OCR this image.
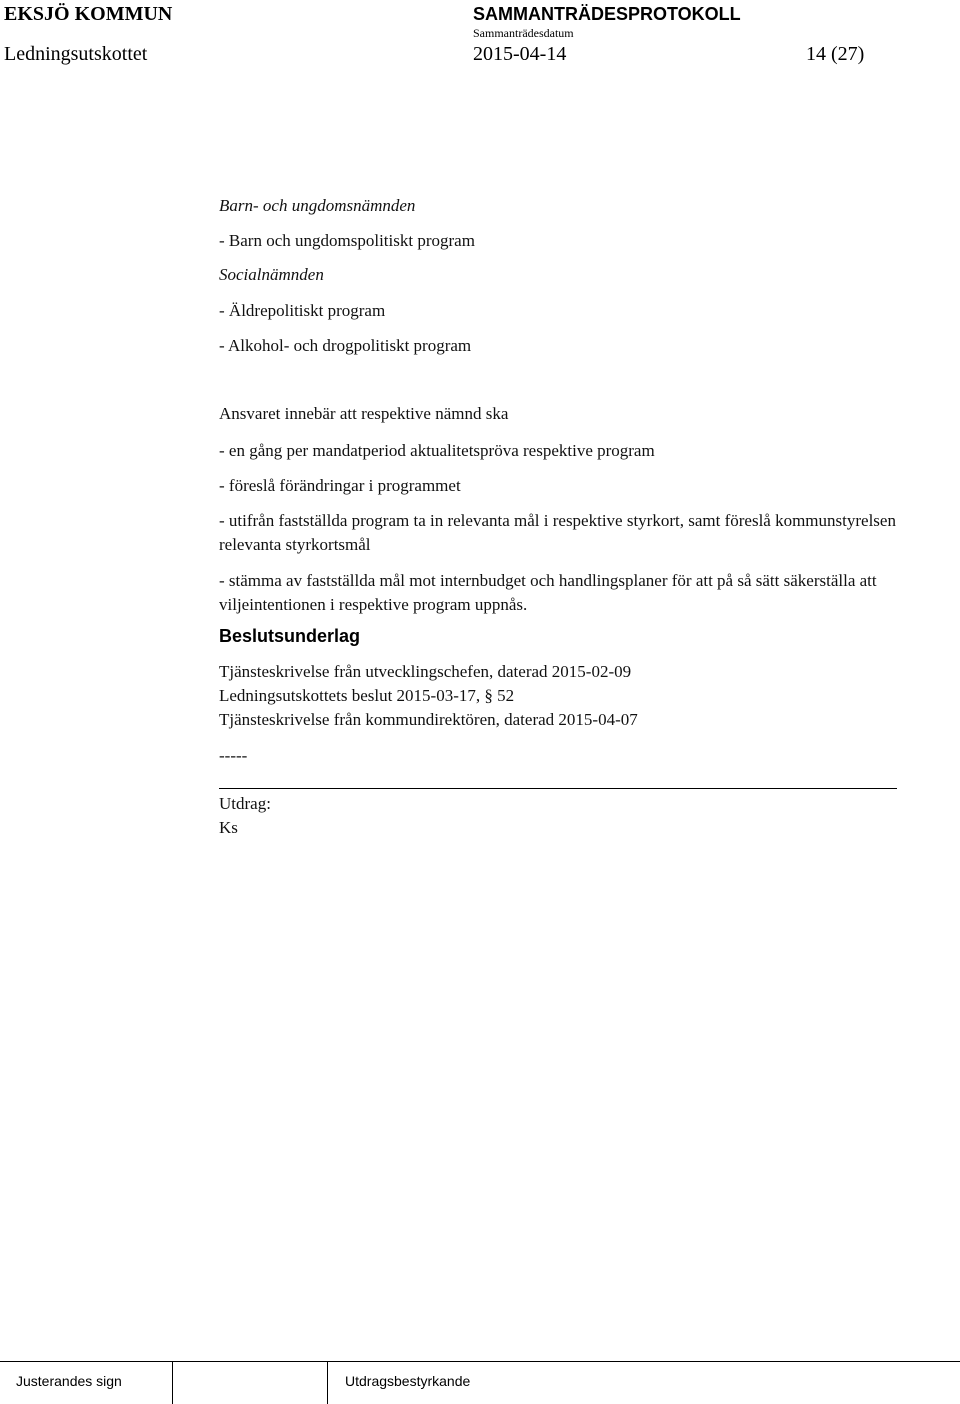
EKSJÖ KOMMUN	SAMMANTRÄDESPROTOKOLL
Sammanträdesdatum
Ledningsutskottet	2015-04-14	14 (27)
Barn- och ungdomsnämnden
- Barn och ungdomspolitiskt program
Socialnämnden
- Äldrepolitiskt program
- Alkohol- och drogpolitiskt program
Ansvaret innebär att respektive nämnd ska
- en gång per mandatperiod aktualitetspröva respektive program
- föreslå förändringar i programmet
- utifrån fastställda program ta in relevanta mål i respektive styrkort, samt föreslå kommunstyrelsen relevanta styrkortsmål
- stämma av fastställda mål mot internbudget och handlingsplaner för att på så sätt säkerställa att viljeintentionen i respektive program uppnås.
Beslutsunderlag
Tjänsteskrivelse från utvecklingschefen, daterad 2015-02-09
Ledningsutskottets beslut 2015-03-17, § 52
Tjänsteskrivelse från kommundirektören, daterad 2015-04-07
-----
Utdrag:
Ks
Justerandes sign	Utdragsbestyrkande
